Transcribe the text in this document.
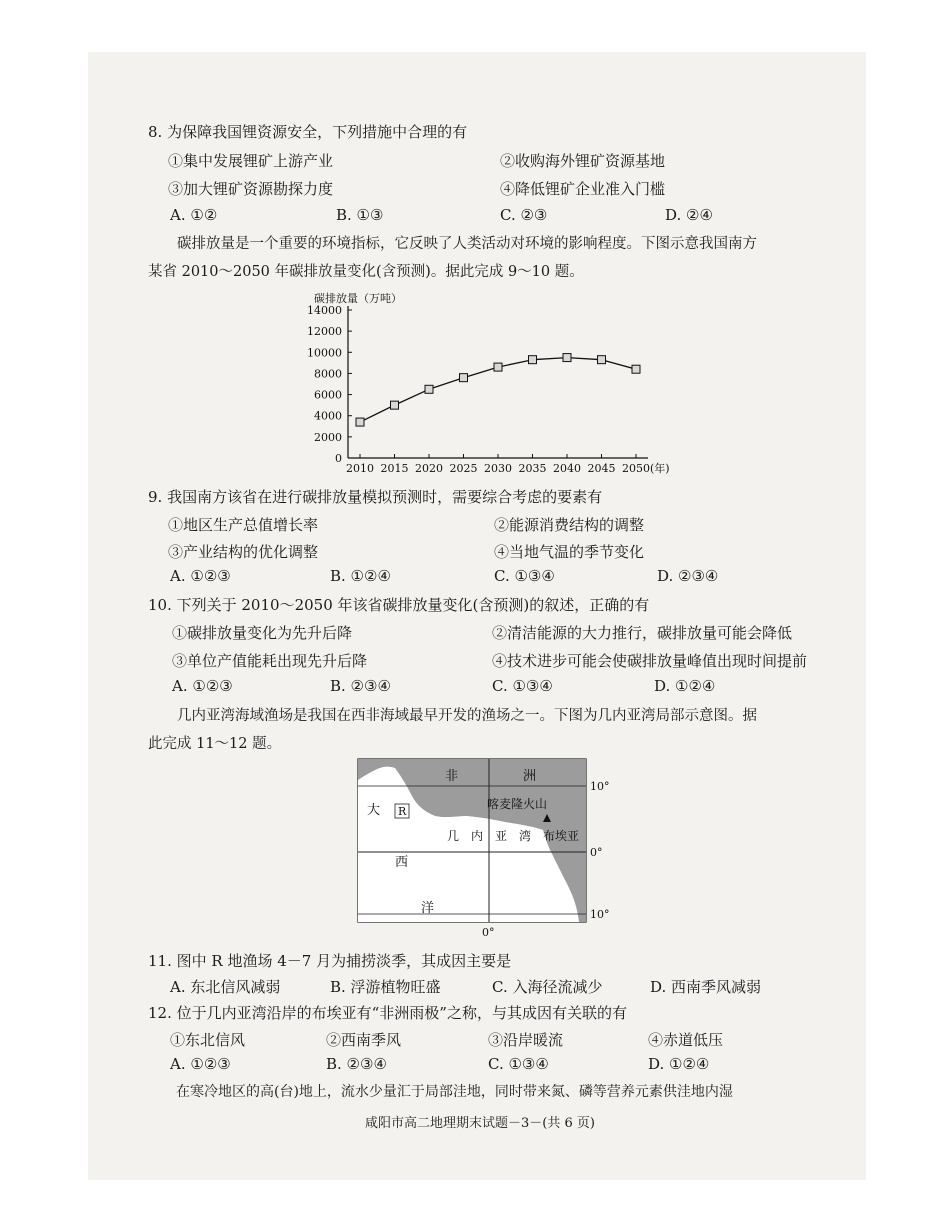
8. 为保障我国锂资源安全，下列措施中合理的有
①集中发展锂矿上游产业	②收购海外锂矿资源基地
③加大锂矿资源勘探力度	④降低锂矿企业准入门槛
A. ①②	B. ①③	C. ②③	D. ②④
　　碳排放量是一个重要的环境指标，它反映了人类活动对环境的影响程度。下图示意我国南方
某省 2010～2050 年碳排放量变化(含预测)。据此完成 9～10 题。
碳排放量（万吨）
0
2000
4000
6000
8000
10000
12000
14000
2010 2015 2020 2025 2030 2035 2040 2045 2050 (年)
9. 我国南方该省在进行碳排放量模拟预测时，需要综合考虑的要素有
①地区生产总值增长率	②能源消费结构的调整
③产业结构的优化调整	④当地气温的季节变化
A. ①②③	B. ①②④	C. ①③④	D. ②③④
10. 下列关于 2010～2050 年该省碳排放量变化(含预测)的叙述，正确的有
①碳排放量变化为先升后降	②清洁能源的大力推行，碳排放量可能会降低
③单位产值能耗出现先升后降	④技术进步可能会使碳排放量峰值出现时间提前
A. ①②③	B. ②③④	C. ①③④	D. ①②④
　　几内亚湾海域渔场是我国在西非海域最早开发的渔场之一。下图为几内亚湾局部示意图。据
此完成 11～12 题。
非	洲
大 R
喀麦隆火山
几　内　亚　湾 布埃亚
西
洋
10°
0°
10°
0°
11. 图中 R 地渔场 4－7 月为捕捞淡季，其成因主要是
A. 东北信风减弱	B. 浮游植物旺盛	C. 入海径流减少	D. 西南季风减弱
12. 位于几内亚湾沿岸的布埃亚有“非洲雨极”之称，与其成因有关联的有
①东北信风	②西南季风	③沿岸暖流	④赤道低压
A. ①②③	B. ②③④	C. ①③④	D. ①②④
　　在寒冷地区的高(台)地上，流水少量汇于局部洼地，同时带来氮、磷等营养元素供洼地内湿
咸阳市高二地理期末试题－3－(共 6 页)
